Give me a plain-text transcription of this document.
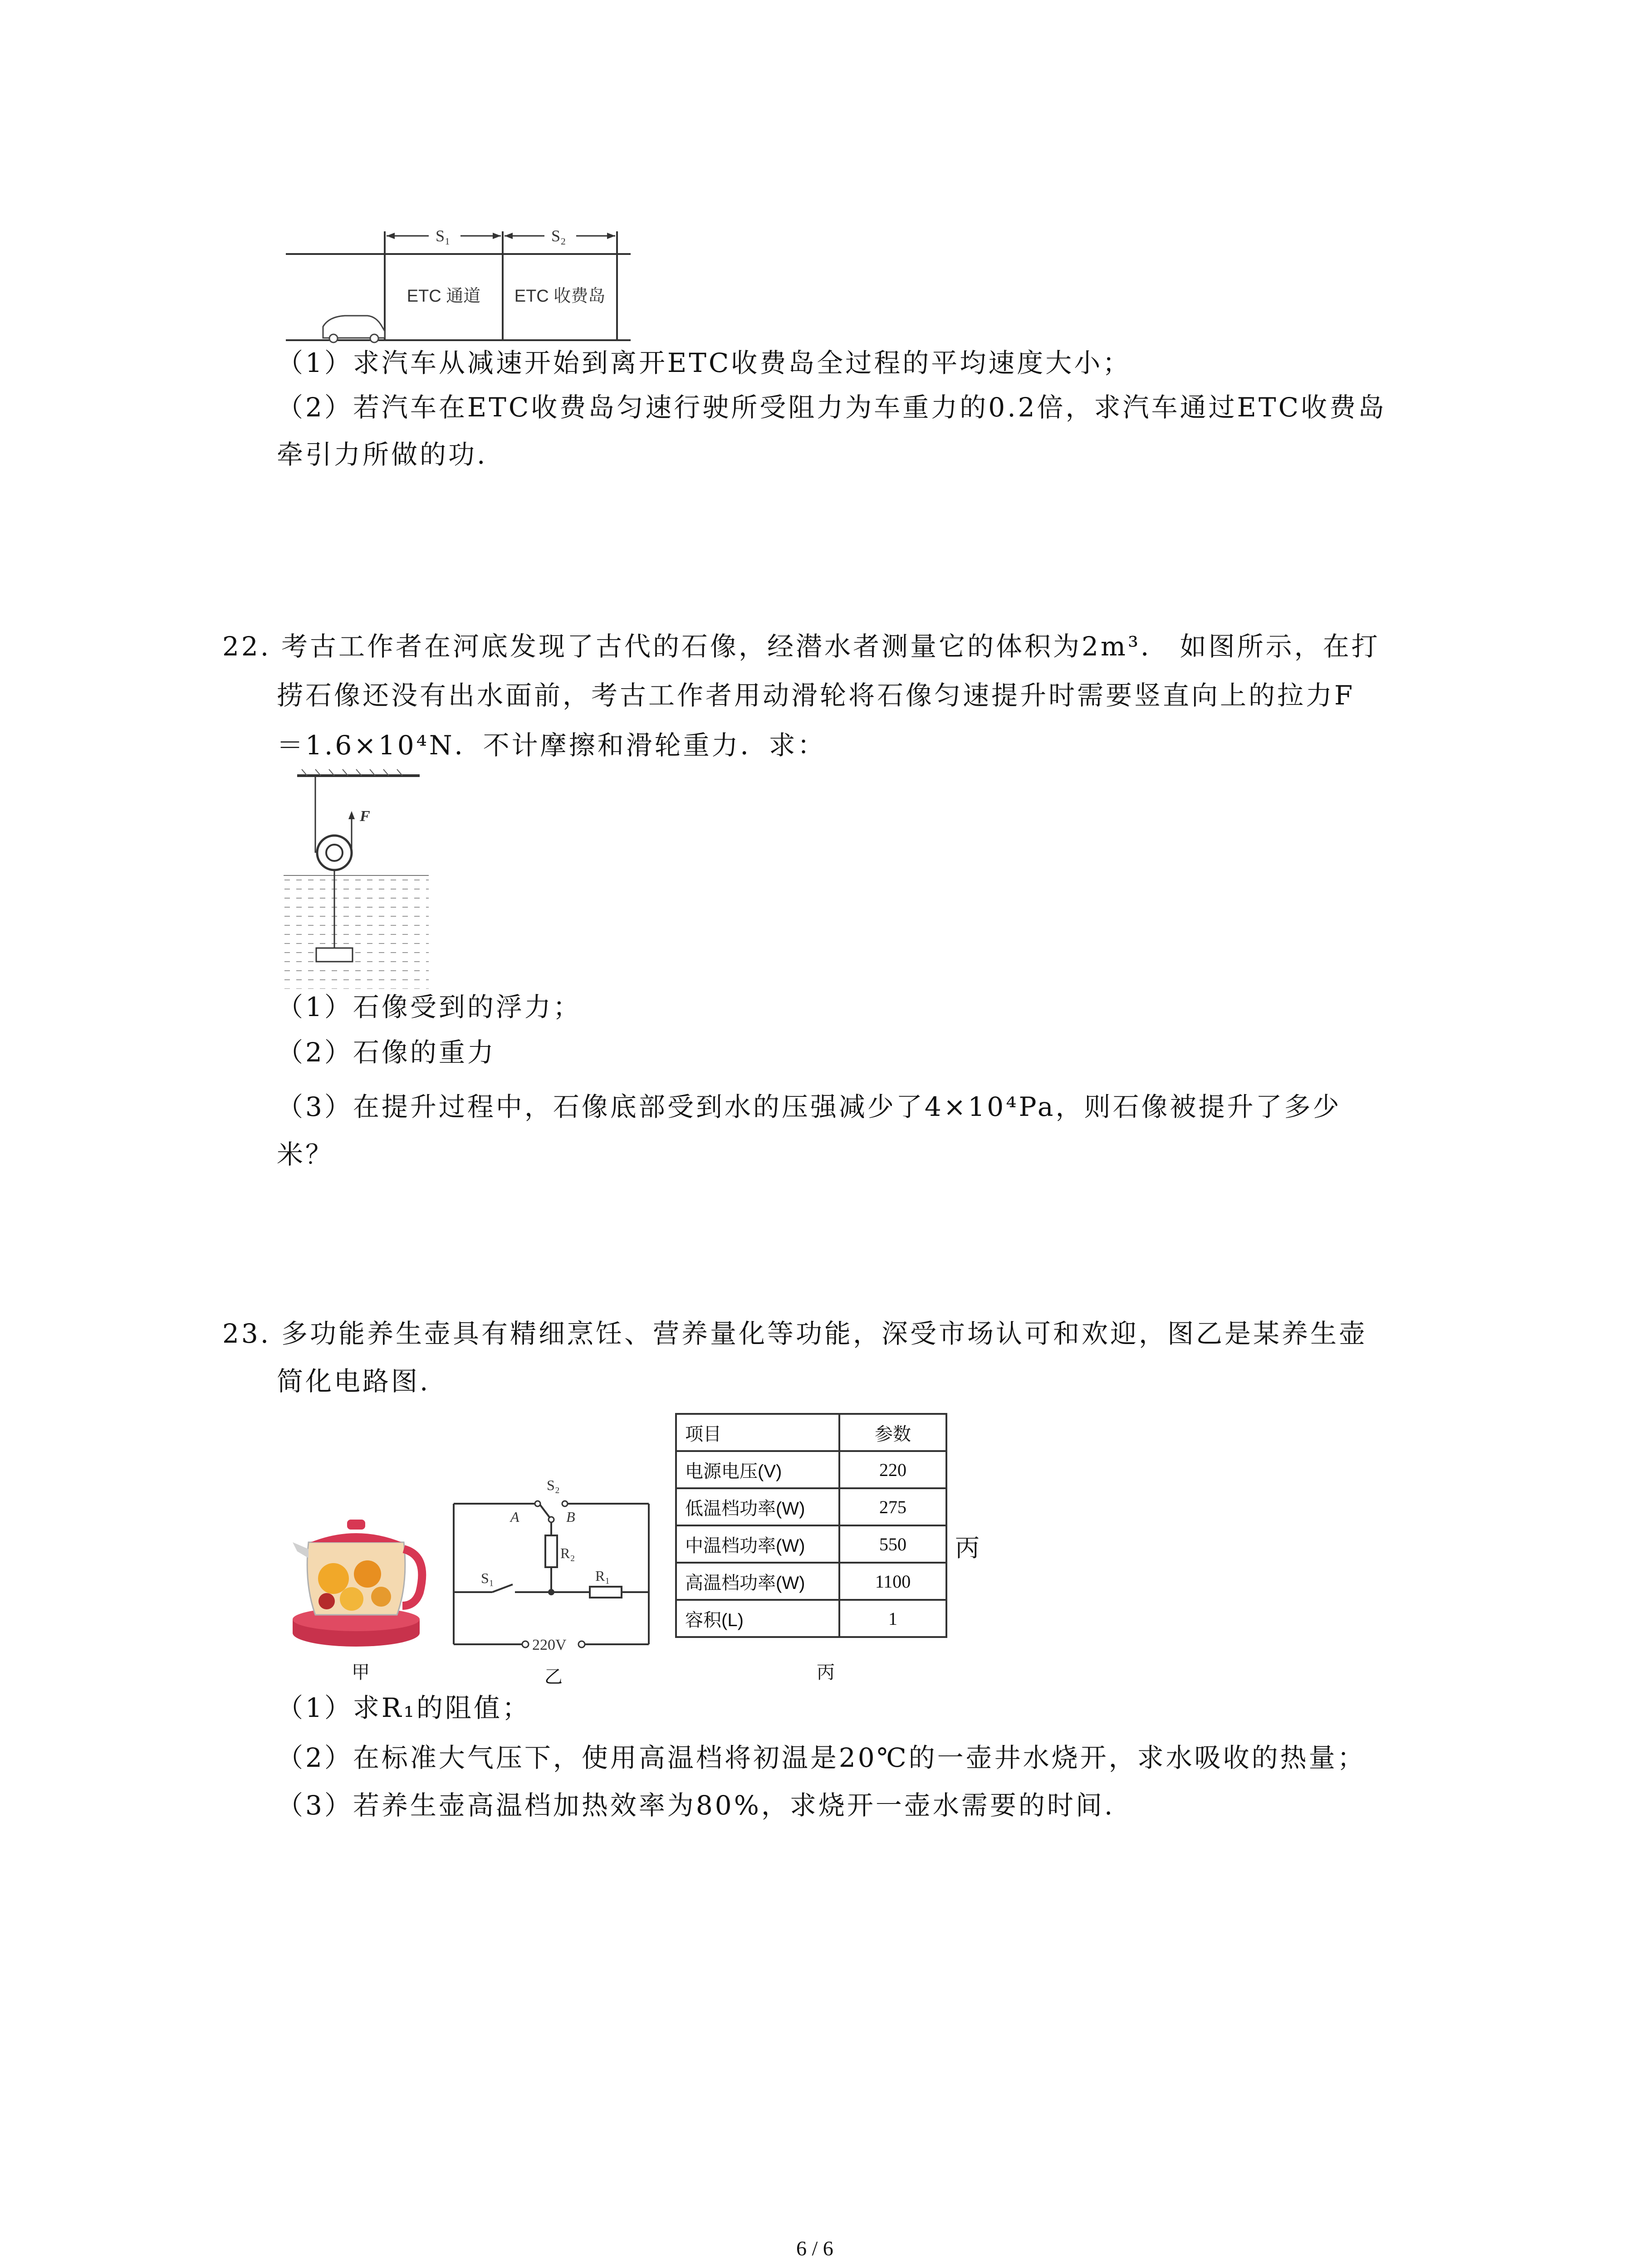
S₁	S₂
ETC 通道 ETC 收费岛
（1）求汽车从减速开始到离开ETC收费岛全过程的平均速度大小；
（2）若汽车在ETC收费岛匀速行驶所受阻力为车重力的0.2倍，求汽车通过ETC收费岛
牵引力所做的功.
22. 考古工作者在河底发现了古代的石像，经潜水者测量它的体积为2m³． 如图所示，在打
捞石像还没有出水面前，考古工作者用动滑轮将石像匀速提升时需要竖直向上的拉力F
＝1.6×10⁴N．不计摩擦和滑轮重力．求：
F
（1）石像受到的浮力；
（2）石像的重力
（3）在提升过程中，石像底部受到水的压强减少了4×10⁴Pa，则石像被提升了多少
米？
23. 多功能养生壶具有精细烹饪、营养量化等功能，深受市场认可和欢迎，图乙是某养生壶
简化电路图.
S₂
A	B
R₂
S₁	R₁
220V
甲	乙	丙
项目	参数
电源电压(V)	220
低温档功率(W)	275
中温档功率(W)	550
高温档功率(W)	1100
容积(L)	1
丙
（1）求R₁的阻值；
（2）在标准大气压下，使用高温档将初温是20℃的一壶井水烧开，求水吸收的热量；
（3）若养生壶高温档加热效率为80%，求烧开一壶水需要的时间.
6 / 6
